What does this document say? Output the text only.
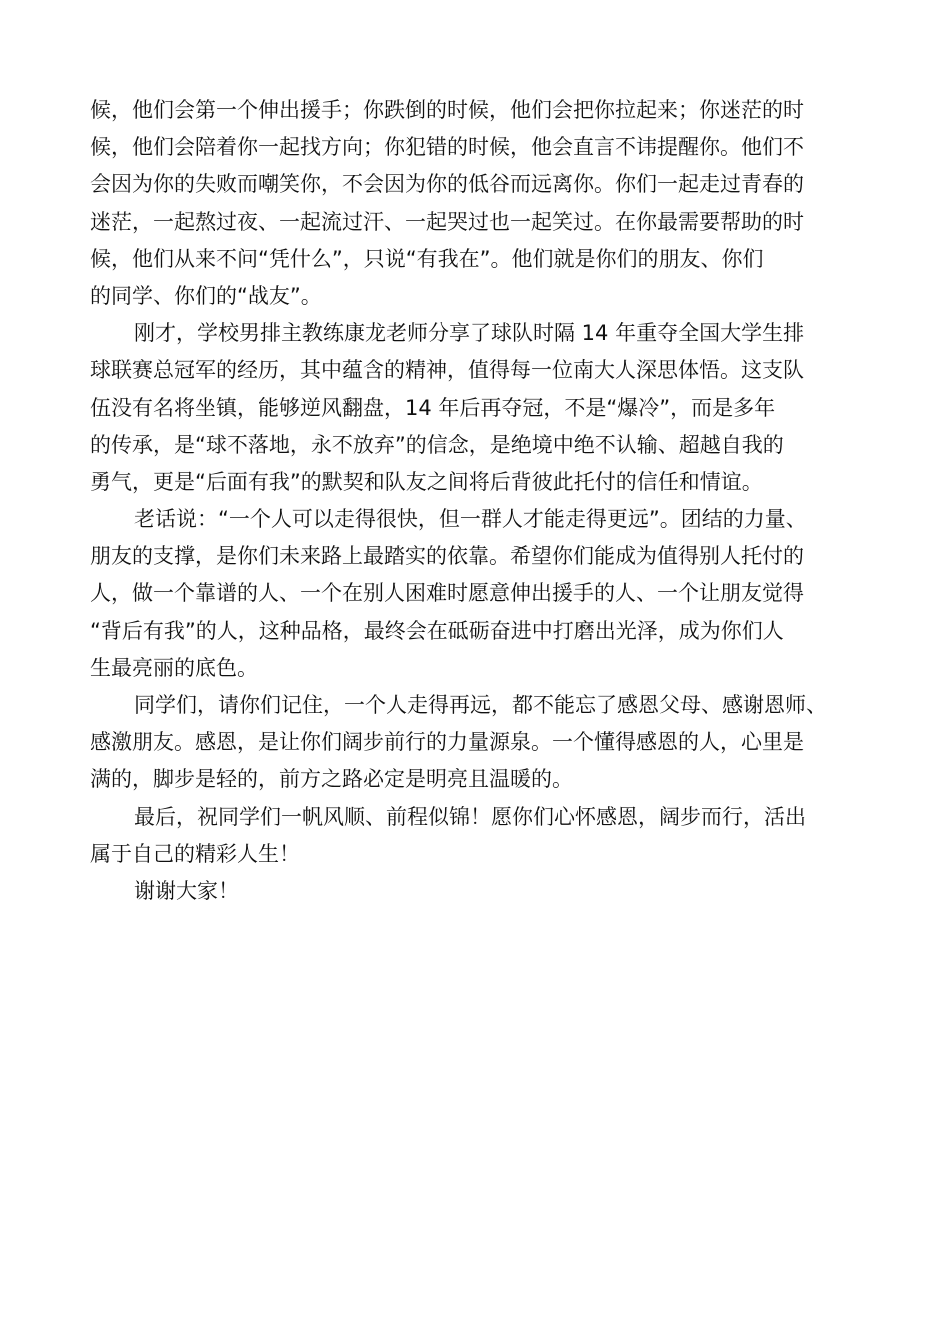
候，他们会第一个伸出援手；你跌倒的时候，他们会把你拉起来；你迷茫的时
候，他们会陪着你一起找方向；你犯错的时候，他会直言不讳提醒你。他们不
会因为你的失败而嘲笑你，不会因为你的低谷而远离你。你们一起走过青春的
迷茫，一起熬过夜、一起流过汗、一起哭过也一起笑过。在你最需要帮助的时
候，他们从来不问“凭什么”，只说“有我在”。他们就是你们的朋友、你们
的同学、你们的“战友”。
刚才，学校男排主教练康龙老师分享了球队时隔 14 年重夺全国大学生排
球联赛总冠军的经历，其中蕴含的精神，值得每一位南大人深思体悟。这支队
伍没有名将坐镇，能够逆风翻盘，14 年后再夺冠，不是“爆冷”，而是多年
的传承，是“球不落地，永不放弃”的信念，是绝境中绝不认输、超越自我的
勇气，更是“后面有我”的默契和队友之间将后背彼此托付的信任和情谊。
老话说：“一个人可以走得很快，但一群人才能走得更远”。团结的力量、
朋友的支撑，是你们未来路上最踏实的依靠。希望你们能成为值得别人托付的
人，做一个靠谱的人、一个在别人困难时愿意伸出援手的人、一个让朋友觉得
“背后有我”的人，这种品格，最终会在砥砺奋进中打磨出光泽，成为你们人
生最亮丽的底色。
同学们，请你们记住，一个人走得再远，都不能忘了感恩父母、感谢恩师、
感激朋友。感恩，是让你们阔步前行的力量源泉。一个懂得感恩的人，心里是
满的，脚步是轻的，前方之路必定是明亮且温暖的。
最后，祝同学们一帆风顺、前程似锦！愿你们心怀感恩，阔步而行，活出
属于自己的精彩人生！
谢谢大家！
